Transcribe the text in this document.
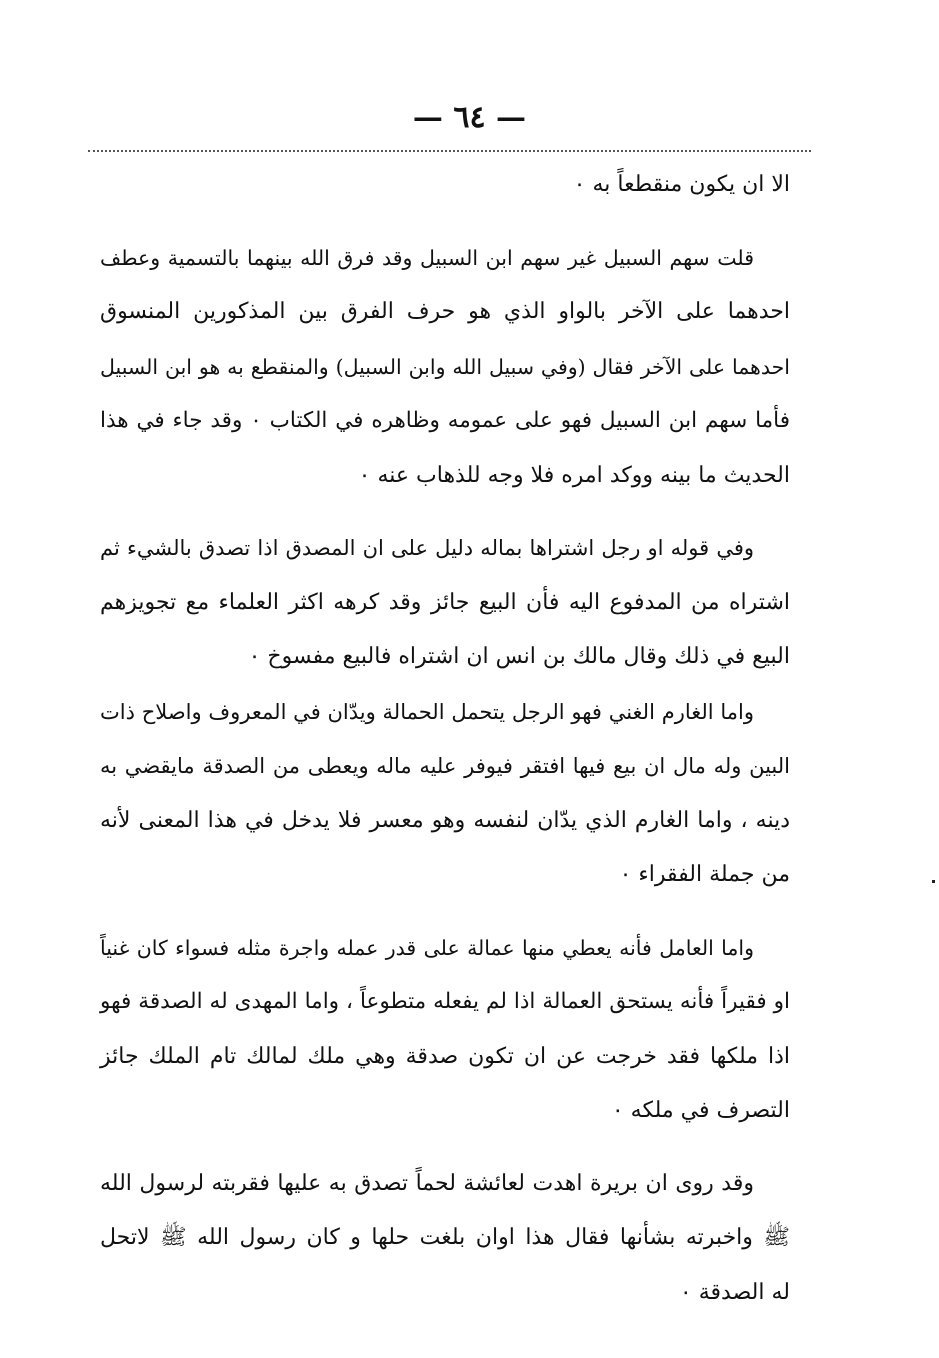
— ٦٤ —
الا ان يكون منقطعاً به ٠
قلت سهم السبيل غير سهم ابن السبيل وقد فرق الله بينهما بالتسمية وعطف
احدهما على الآخر بالواو الذي هو حرف الفرق بين المذكورين المنسوق
احدهما على الآخر فقال (وفي سبيل الله وابن السبيل) والمنقطع به هو ابن السبيل
فأما سهم ابن السبيل فهو على عمومه وظاهره في الكتاب ٠ وقد جاء في هذا
الحديث ما بينه ووكد امره فلا وجه للذهاب عنه ٠
وفي قوله او رجل اشتراها بماله دليل على ان المصدق اذا تصدق بالشيء ثم
اشتراه من المدفوع اليه فأن البيع جائز وقد كرهه اكثر العلماء مع تجويزهم
البيع في ذلك وقال مالك بن انس ان اشتراه فالبيع مفسوخ ٠
واما الغارم الغني فهو الرجل يتحمل الحمالة ويدّان في المعروف واصلاح ذات
البين وله مال ان بيع فيها افتقر فيوفر عليه ماله ويعطى من الصدقة مايقضي به
دينه ، واما الغارم الذي يدّان لنفسه وهو معسر فلا يدخل في هذا المعنى لأنه
من جملة الفقراء ٠
واما العامل فأنه يعطي منها عمالة على قدر عمله واجرة مثله فسواء كان غنياً
او فقيراً فأنه يستحق العمالة اذا لم يفعله متطوعاً ، واما المهدى له الصدقة فهو
اذا ملكها فقد خرجت عن ان تكون صدقة وهي ملك لمالك تام الملك جائز
التصرف في ملكه ٠
وقد روى ان بريرة اهدت لعائشة لحماً تصدق به عليها فقربته لرسول الله
ﷺ واخبرته بشأنها فقال هذا اوان بلغت حلها و كان رسول الله ﷺ لاتحل
له الصدقة ٠
